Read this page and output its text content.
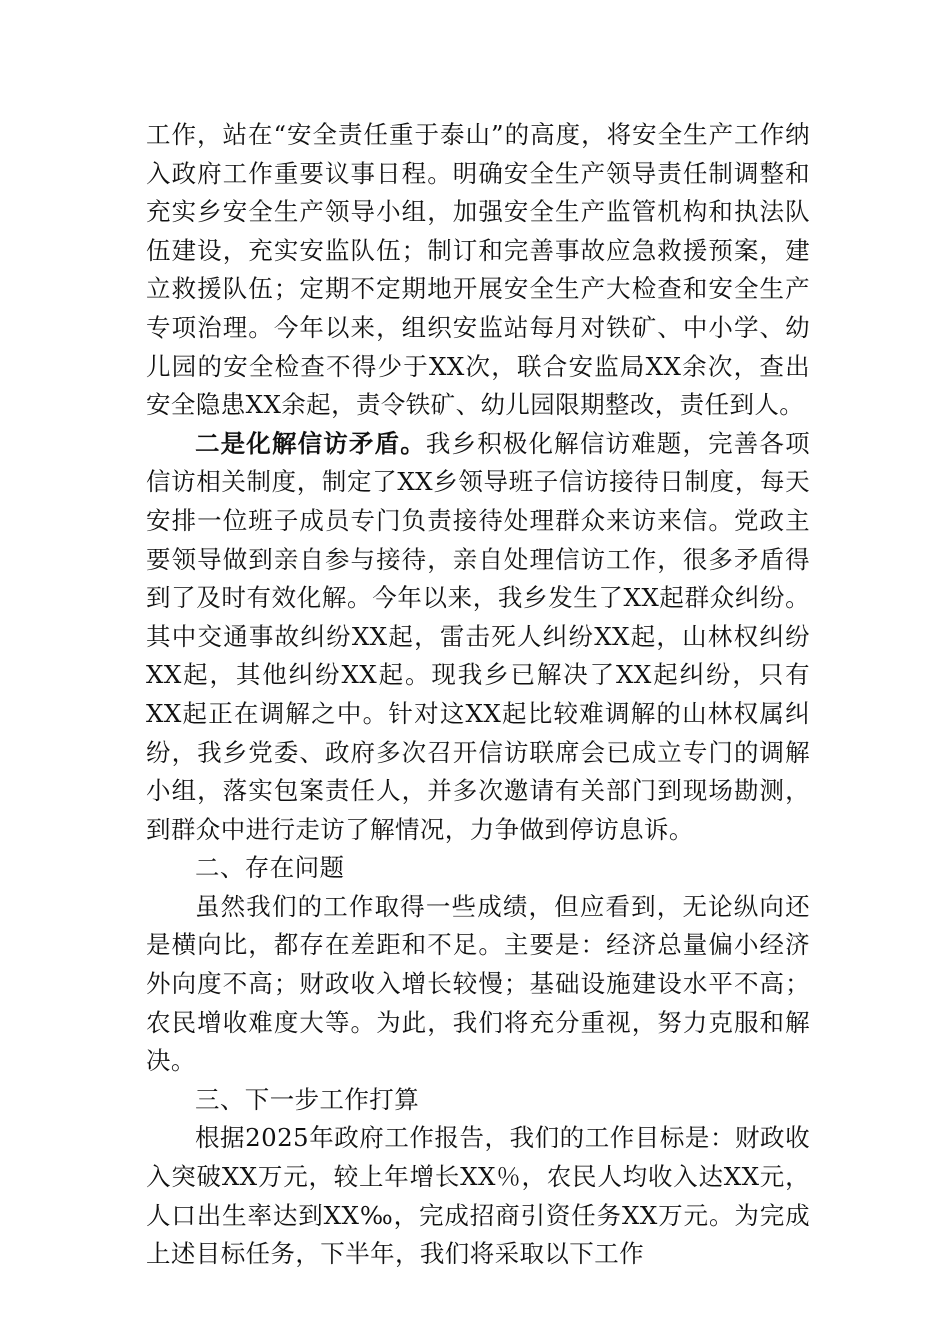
工作，站在“安全责任重于泰山”的高度，将安全生产工作纳入政府工作重要议事日程。明确安全生产领导责任制调整和充实乡安全生产领导小组，加强安全生产监管机构和执法队伍建设，充实安监队伍；制订和完善事故应急救援预案，建立救援队伍；定期不定期地开展安全生产大检查和安全生产专项治理。今年以来，组织安监站每月对铁矿、中小学、幼儿园的安全检查不得少于XX次，联合安监局XX余次，查出安全隐患XX余起，责令铁矿、幼儿园限期整改，责任到人。

二是化解信访矛盾。我乡积极化解信访难题，完善各项信访相关制度，制定了XX乡领导班子信访接待日制度，每天安排一位班子成员专门负责接待处理群众来访来信。党政主要领导做到亲自参与接待，亲自处理信访工作，很多矛盾得到了及时有效化解。今年以来，我乡发生了XX起群众纠纷。其中交通事故纠纷XX起，雷击死人纠纷XX起，山林权纠纷XX起，其他纠纷XX起。现我乡已解决了XX起纠纷，只有XX起正在调解之中。针对这XX起比较难调解的山林权属纠纷，我乡党委、政府多次召开信访联席会已成立专门的调解小组，落实包案责任人，并多次邀请有关部门到现场勘测，到群众中进行走访了解情况，力争做到停访息诉。

二、存在问题

虽然我们的工作取得一些成绩，但应看到，无论纵向还是横向比，都存在差距和不足。主要是：经济总量偏小经济外向度不高；财政收入增长较慢；基础设施建设水平不高；农民增收难度大等。为此，我们将充分重视，努力克服和解决。

三、下一步工作打算

根据2025年政府工作报告，我们的工作目标是：财政收入突破XX万元，较上年增长XX％，农民人均收入达XX元，人口出生率达到XX‰，完成招商引资任务XX万元。为完成上述目标任务，下半年，我们将采取以下工作
